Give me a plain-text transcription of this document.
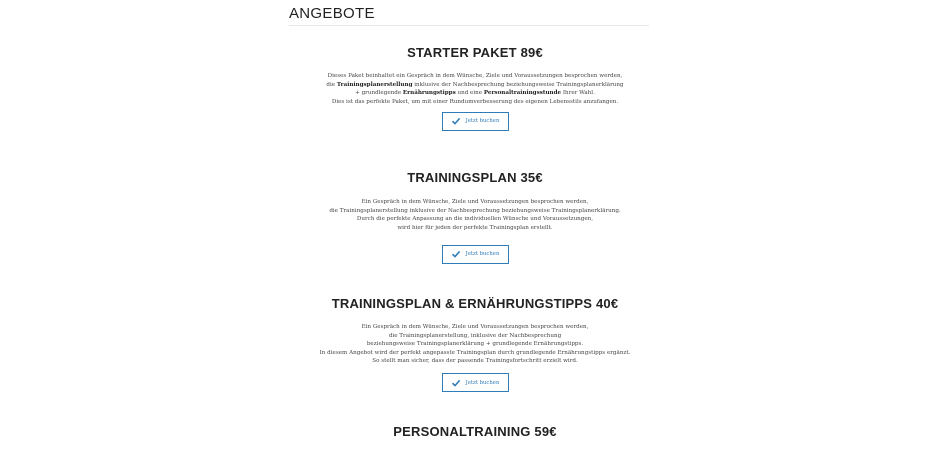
ANGEBOTE
STARTER PAKET 89€
Dieses Paket beinhaltet ein Gespräch in dem Wünsche, Ziele und Voraussetzungen besprochen werden,
die Trainingsplanerstellung inklusive der Nachbesprechung beziehungsweise Trainingsplanerklärung
+ grundlegende Ernährungstipps und eine Personaltrainingsstunde Ihrer Wahl.
Dies ist das perfekte Paket, um mit einer Rundumverbesserung des eigenen Lebensstils anzufangen.
Jetzt buchen
TRAININGSPLAN 35€
Ein Gespräch in dem Wünsche, Ziele und Voraussetzungen besprochen werden,
die Trainingsplanerstellung inklusive der Nachbesprechung beziehungsweise Trainingsplanerklärung.
Durch die perfekte Anpassung an die individuellen Wünsche und Voraussetzungen,
wird hier für jeden der perfekte Trainingsplan erstellt.
Jetzt buchen
TRAININGSPLAN & ERNÄHRUNGSTIPPS 40€
Ein Gespräch in dem Wünsche, Ziele und Voraussetzungen besprochen werden,
die Trainingsplanerstellung, inklusive der Nachbesprechung
beziehungsweise Trainingsplanerklärung + grundlegende Ernährungstipps.
In diesem Angebot wird der perfekt angepasste Trainingsplan durch grundlegende Ernährungstipps ergänzt.
So stellt man sicher, dass der passende Trainingsfortschritt erzielt wird.
Jetzt buchen
PERSONALTRAINING 59€
